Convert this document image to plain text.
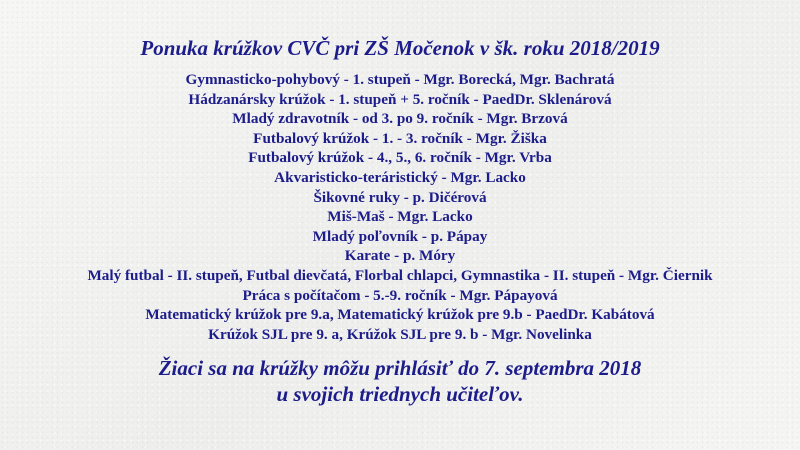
Ponuka krúžkov CVČ pri ZŠ Močenok v šk. roku 2018/2019
Gymnasticko-pohybový - 1. stupeň - Mgr. Borecká, Mgr. Bachratá
Hádzanársky krúžok - 1. stupeň + 5. ročník - PaedDr. Sklenárová
Mladý zdravotník - od 3. po 9. ročník - Mgr. Brzová
Futbalový krúžok - 1. - 3. ročník - Mgr. Žiška
Futbalový krúžok - 4., 5., 6. ročník - Mgr. Vrba
Akvaristicko-teráristický - Mgr. Lacko
Šikovné ruky - p. Dičérová
Miš-Maš - Mgr. Lacko
Mladý poľovník - p. Pápay
Karate - p. Móry
Malý futbal - II. stupeň, Futbal dievčatá, Florbal chlapci, Gymnastika - II. stupeň - Mgr. Čiernik
Práca s počítačom - 5.-9. ročník - Mgr. Pápayová
Matematický krúžok pre 9.a, Matematický krúžok pre 9.b - PaedDr. Kabátová
Krúžok SJL pre 9. a, Krúžok SJL pre 9. b - Mgr. Novelinka
Žiaci sa na krúžky môžu prihlásiť do 7. septembra 2018
u svojich triednych učiteľov.
